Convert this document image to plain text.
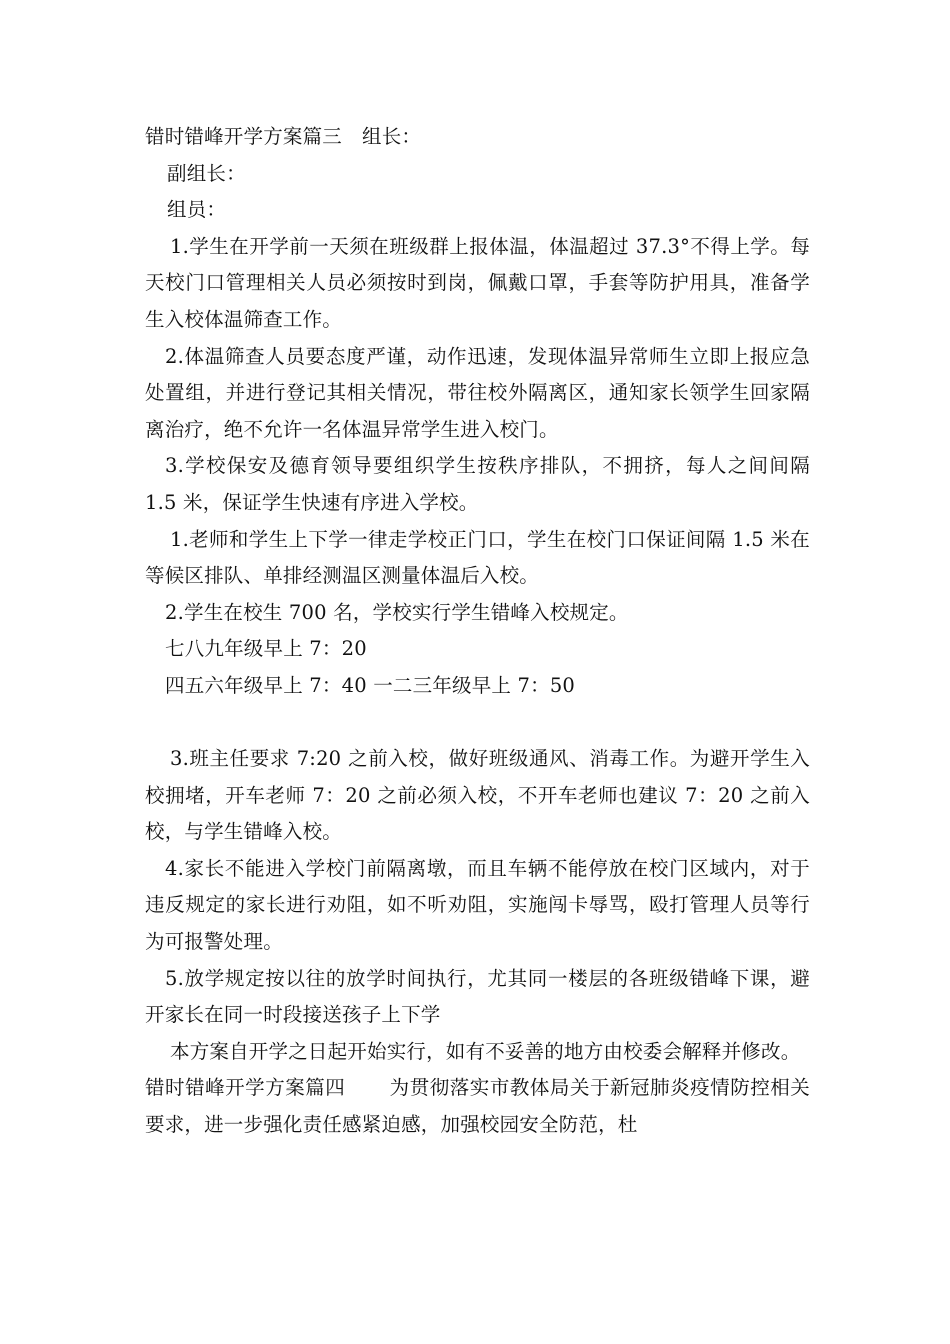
错时错峰开学方案篇三 组长：

副组长：

组员：

1.学生在开学前一天须在班级群上报体温，体温超过 37.3°不得上学。每天校门口管理相关人员必须按时到岗，佩戴口罩，手套等防护用具，准备学生入校体温筛查工作。

2.体温筛查人员要态度严谨，动作迅速，发现体温异常师生立即上报应急处置组，并进行登记其相关情况，带往校外隔离区，通知家长领学生回家隔离治疗，绝不允许一名体温异常学生进入校门。

3.学校保安及德育领导要组织学生按秩序排队，不拥挤，每人之间间隔 1.5 米，保证学生快速有序进入学校。

1.老师和学生上下学一律走学校正门口，学生在校门口保证间隔 1.5 米在等候区排队、单排经测温区测量体温后入校。

2.学生在校生 700 名，学校实行学生错峰入校规定。

七八九年级早上 7：20

四五六年级早上 7：40 一二三年级早上 7：50

3.班主任要求 7:20 之前入校，做好班级通风、消毒工作。为避开学生入校拥堵，开车老师 7：20 之前必须入校，不开车老师也建议 7：20 之前入校，与学生错峰入校。

4.家长不能进入学校门前隔离墩，而且车辆不能停放在校门区域内，对于违反规定的家长进行劝阻，如不听劝阻，实施闯卡辱骂，殴打管理人员等行为可报警处理。

5.放学规定按以往的放学时间执行，尤其同一楼层的各班级错峰下课，避开家长在同一时段接送孩子上下学

本方案自开学之日起开始实行，如有不妥善的地方由校委会解释并修改。

错时错峰开学方案篇四 为贯彻落实市教体局关于新冠肺炎疫情防控相关要求，进一步强化责任感紧迫感，加强校园安全防范，杜
